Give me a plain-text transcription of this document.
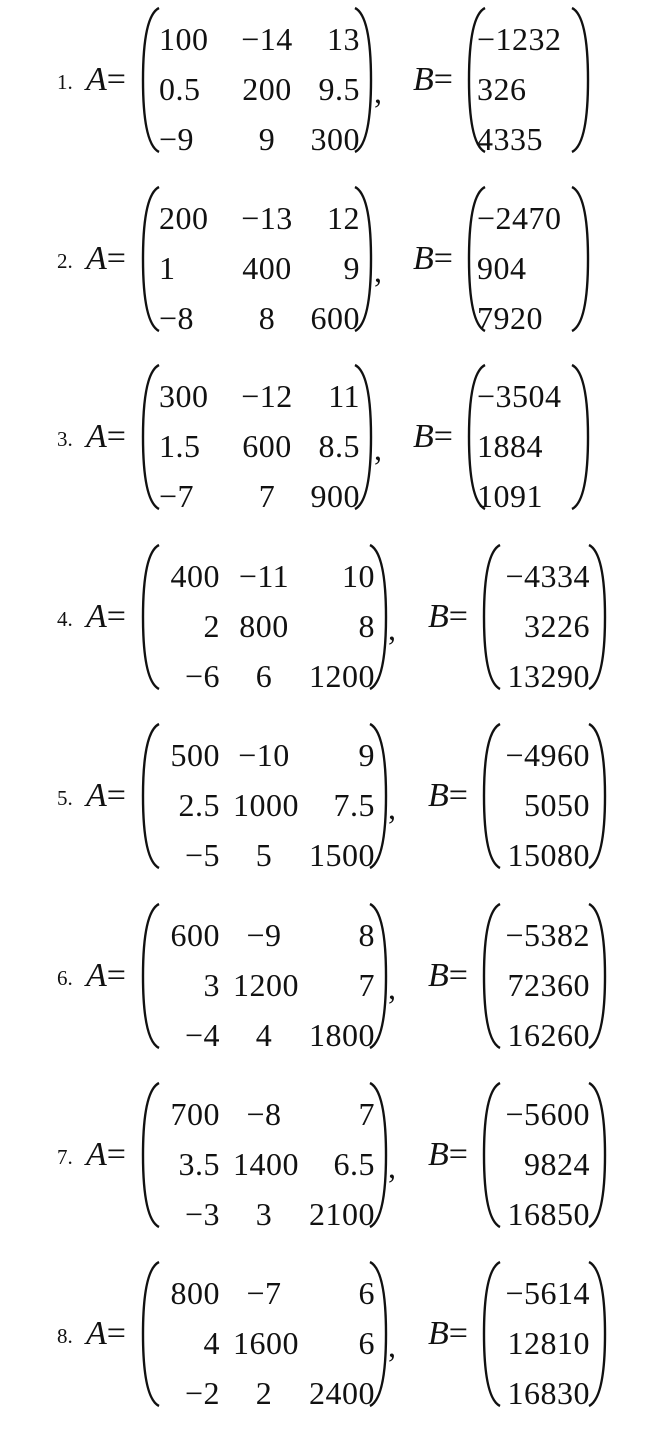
1. A=
100	−14	13
0.5	200 9.5
−9	9	300
, B=
−1232
326
4335
2. A=
200	−13	12
1	400	9
−8	8	600
, B=
−2470
904
7920
3. A=
300	−12	11
1.5	600 8.5
−7	7	900
, B=
−3504
1884
1091
4. A=
400 −11	10
2 800	8
−6	6	1200
, B=
−4334
3226
13290
5. A=
500 −10	9
2.5 1000	7.5
−5	5	1500
, B=
−4960
5050
15080
6. A=
600 −9	8
3 1200	7
−4	4	1800
, B=
−5382
72360
16260
7. A=
700 −8	7
3.5 1400	6.5
−3	3	2100
, B=
−5600
9824
16850
8. A=
800 −7	6
4 1600	6
−2	2	2400
, B=
−5614
12810
16830
